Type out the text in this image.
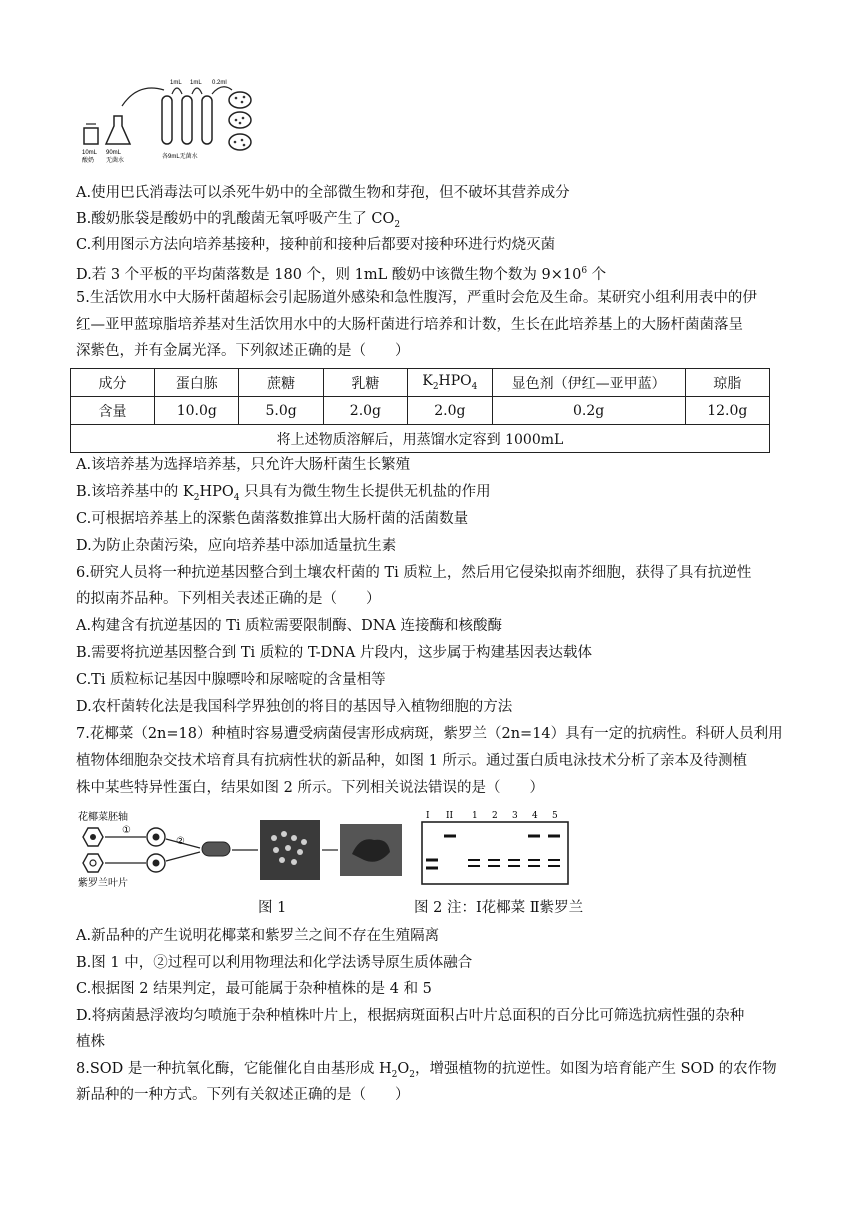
1mL 1mL 0.2ml
10mL
酸奶
90mL
无菌水
各9mL无菌水
A.使用巴氏消毒法可以杀死牛奶中的全部微生物和芽孢，但不破坏其营养成分
B.酸奶胀袋是酸奶中的乳酸菌无氧呼吸产生了 $CO_2$
C.利用图示方法向培养基接种，接种前和接种后都要对接种环进行灼烧灭菌
D.若 3 个平板的平均菌落数是 180 个，则 1mL 酸奶中该微生物个数为 $9\times 10^6$ 个
5.生活饮用水中大肠杆菌超标会引起肠道外感染和急性腹泻，严重时会危及生命。某研究小组利用表中的伊
红—亚甲蓝琼脂培养基对生活饮用水中的大肠杆菌进行培养和计数，生长在此培养基上的大肠杆菌菌落呈
深紫色，并有金属光泽。下列叙述正确的是（　　）
成分	蛋白胨	蔗糖	乳糖	$K_2HPO_4$	显色剂（伊红—亚甲蓝）	琼脂
含量	10.0g	5.0g	2.0g	2.0g	0.2g	12.0g
将上述物质溶解后，用蒸馏水定容到 1000mL						
A.该培养基为选择培养基，只允许大肠杆菌生长繁殖
B.该培养基中的 $K_2HPO_4$ 只具有为微生物生长提供无机盐的作用
C.可根据培养基上的深紫色菌落数推算出大肠杆菌的活菌数量
D.为防止杂菌污染，应向培养基中添加适量抗生素
6.研究人员将一种抗逆基因整合到土壤农杆菌的 Ti 质粒上，然后用它侵染拟南芥细胞，获得了具有抗逆性
的拟南芥品种。下列相关表述正确的是（　　）
A.构建含有抗逆基因的 Ti 质粒需要限制酶、DNA 连接酶和核酸酶
B.需要将抗逆基因整合到 Ti 质粒的 T-DNA 片段内，这步属于构建基因表达载体
C.Ti 质粒标记基因中腺嘌呤和尿嘧啶的含量相等
D.农杆菌转化法是我国科学界独创的将目的基因导入植物细胞的方法
7.花椰菜（2n=18）种植时容易遭受病菌侵害形成病斑，紫罗兰（2n=14）具有一定的抗病性。科研人员利用
植物体细胞杂交技术培育具有抗病性状的新品种，如图 1 所示。通过蛋白质电泳技术分析了亲本及待测植
株中某些特异性蛋白，结果如图 2 所示。下列相关说法错误的是（　　）
花椰菜胚轴
紫罗兰叶片
①
②
I II 1 2 3 4 5
图 1	图 2 注：Ⅰ花椰菜 Ⅱ紫罗兰
A.新品种的产生说明花椰菜和紫罗兰之间不存在生殖隔离
B.图 1 中，②过程可以利用物理法和化学法诱导原生质体融合
C.根据图 2 结果判定，最可能属于杂种植株的是 4 和 5
D.将病菌悬浮液均匀喷施于杂种植株叶片上，根据病斑面积占叶片总面积的百分比可筛选抗病性强的杂种
植株
8.SOD 是一种抗氧化酶，它能催化自由基形成 $H_2O_2$，增强植物的抗逆性。如图为培育能产生 SOD 的农作物
新品种的一种方式。下列有关叙述正确的是（　　）
